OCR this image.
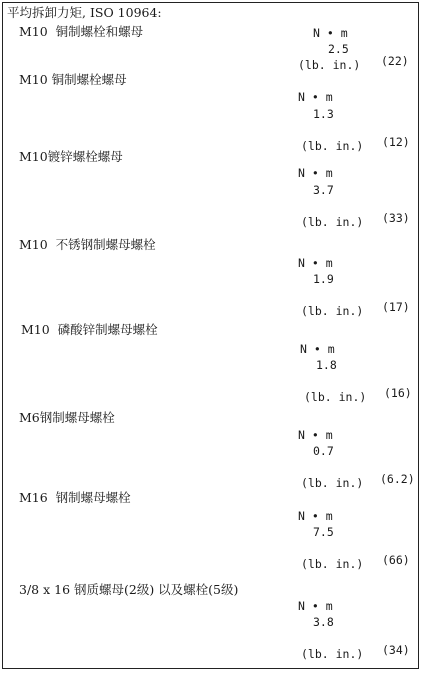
平均拆卸力矩, ISO 10964:
M10  铜制螺栓和螺母	N • m
2.5
(lb. in.) (22)
M10 铜制螺栓螺母
N • m
1.3
(lb. in.) (12)
M10镀锌螺栓螺母
N • m
3.7
(lb. in.) (33)
M10  不锈钢制螺母螺栓
N • m
1.9
(lb. in.) (17)
M10  磷酸锌制螺母螺栓
N • m
1.8
(lb. in.) (16)
M6钢制螺母螺栓
N • m
0.7
(lb. in.) (6.2)
M16  钢制螺母螺栓
N • m
7.5
(lb. in.) (66)
3/8 x 16 钢质螺母(2级) 以及螺栓(5级)
N • m
3.8
(lb. in.) (34)
